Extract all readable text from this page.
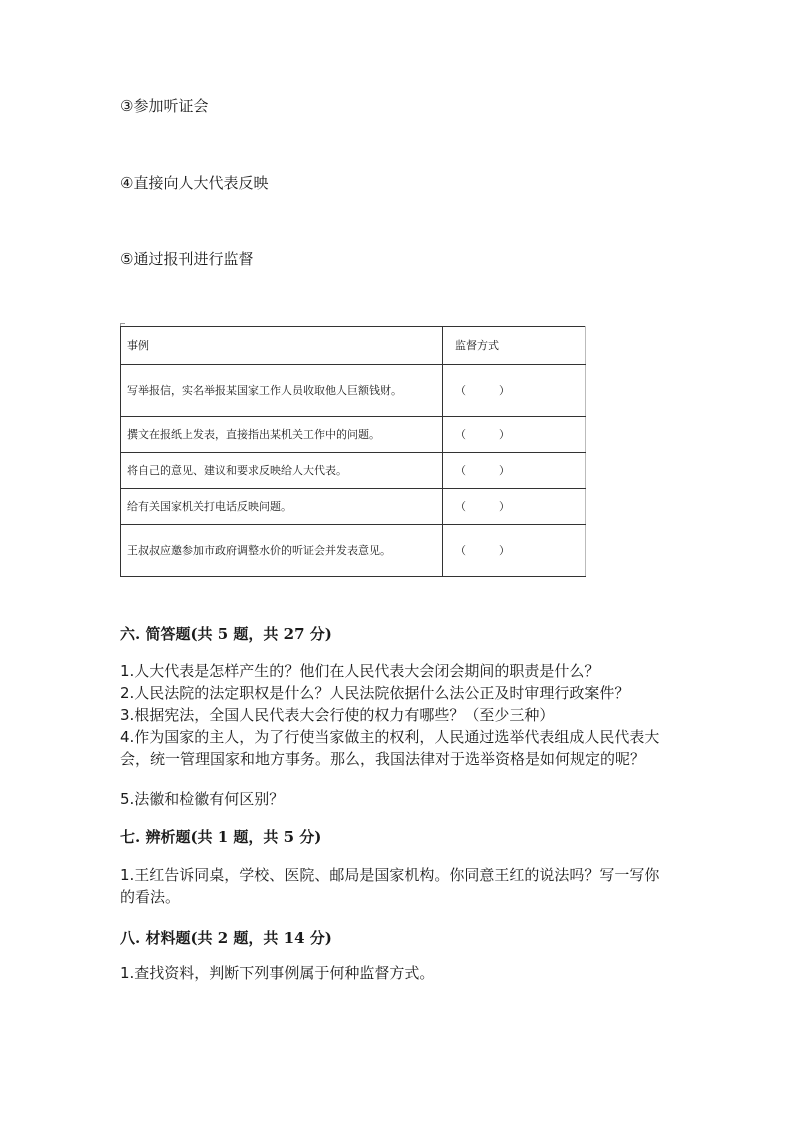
③参加听证会
④直接向人大代表反映
⑤通过报刊进行监督
事例	监督方式
写举报信，实名举报某国家工作人员收取他人巨额钱财。	（　　　）
撰文在报纸上发表，直接指出某机关工作中的问题。	（　　　）
将自己的意见、建议和要求反映给人大代表。	（　　　）
给有关国家机关打电话反映问题。	（　　　）
王叔叔应邀参加市政府调整水价的听证会并发表意见。	（　　　）
六. 简答题(共 5 题，共 27 分)
1.人大代表是怎样产生的？他们在人民代表大会闭会期间的职责是什么？
2.人民法院的法定职权是什么？人民法院依据什么法公正及时审理行政案件？
3.根据宪法，全国人民代表大会行使的权力有哪些？（至少三种）
4.作为国家的主人，为了行使当家做主的权利，人民通过选举代表组成人民代表大会，统一管理国家和地方事务。那么，我国法律对于选举资格是如何规定的呢？
5.法徽和检徽有何区别？
七. 辨析题(共 1 题，共 5 分)
1.王红告诉同桌，学校、医院、邮局是国家机构。你同意王红的说法吗？写一写你的看法。
八. 材料题(共 2 题，共 14 分)
1.查找资料，判断下列事例属于何种监督方式。
